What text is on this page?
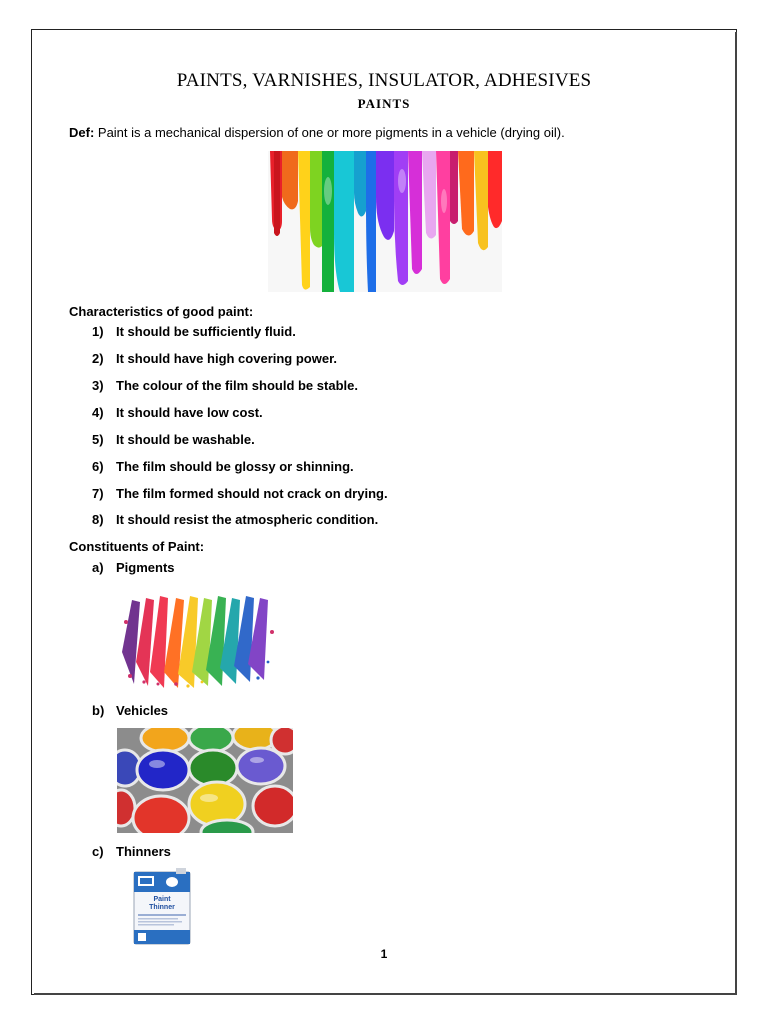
PAINTS, VARNISHES, INSULATOR, ADHESIVES
PAINTS
Def: Paint is a mechanical dispersion of one or more pigments in a vehicle (drying oil).
Characteristics of good paint:
1) It should be sufficiently fluid.
2) It should have high covering power.
3) The colour of the film should be stable.
4) It should have low cost.
5) It should be washable.
6) The film should be glossy or shinning.
7) The film formed should not crack on drying.
8) It should resist the atmospheric condition.
Constituents of Paint:
a) Pigments
b) Vehicles
c) Thinners
Paint
Thinner
1
